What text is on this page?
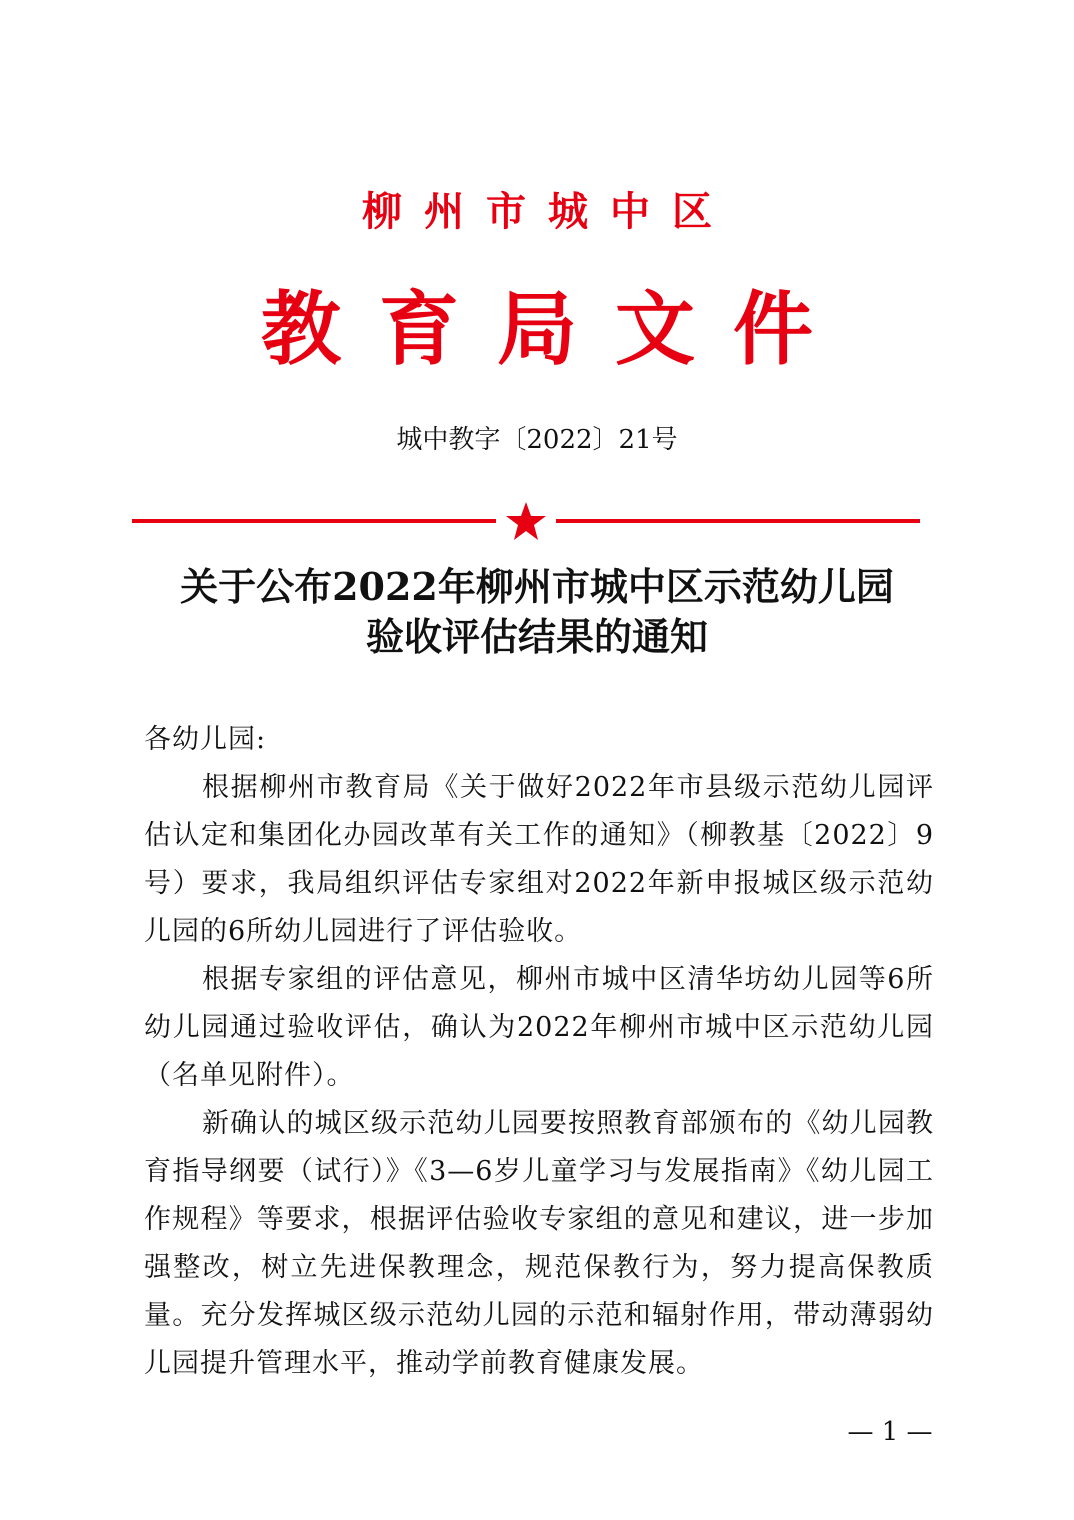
柳州市城中区
教育局文件
城中教字〔2022〕21号
关于公布2022年柳州市城中区示范幼儿园
验收评估结果的通知

各幼儿园:

根据柳州市教育局《关于做好2022年市县级示范幼儿园评估认定和集团化办园改革有关工作的通知》（柳教基〔2022〕9号）要求，我局组织评估专家组对2022年新申报城区级示范幼儿园的6所幼儿园进行了评估验收。

根据专家组的评估意见，柳州市城中区清华坊幼儿园等6所幼儿园通过验收评估，确认为2022年柳州市城中区示范幼儿园（名单见附件）。

新确认的城区级示范幼儿园要按照教育部颁布的《幼儿园教育指导纲要（试行）》《3—6岁儿童学习与发展指南》《幼儿园工作规程》等要求，根据评估验收专家组的意见和建议，进一步加强整改，树立先进保教理念，规范保教行为，努力提高保教质量。充分发挥城区级示范幼儿园的示范和辐射作用，带动薄弱幼儿园提升管理水平，推动学前教育健康发展。

— 1 —
